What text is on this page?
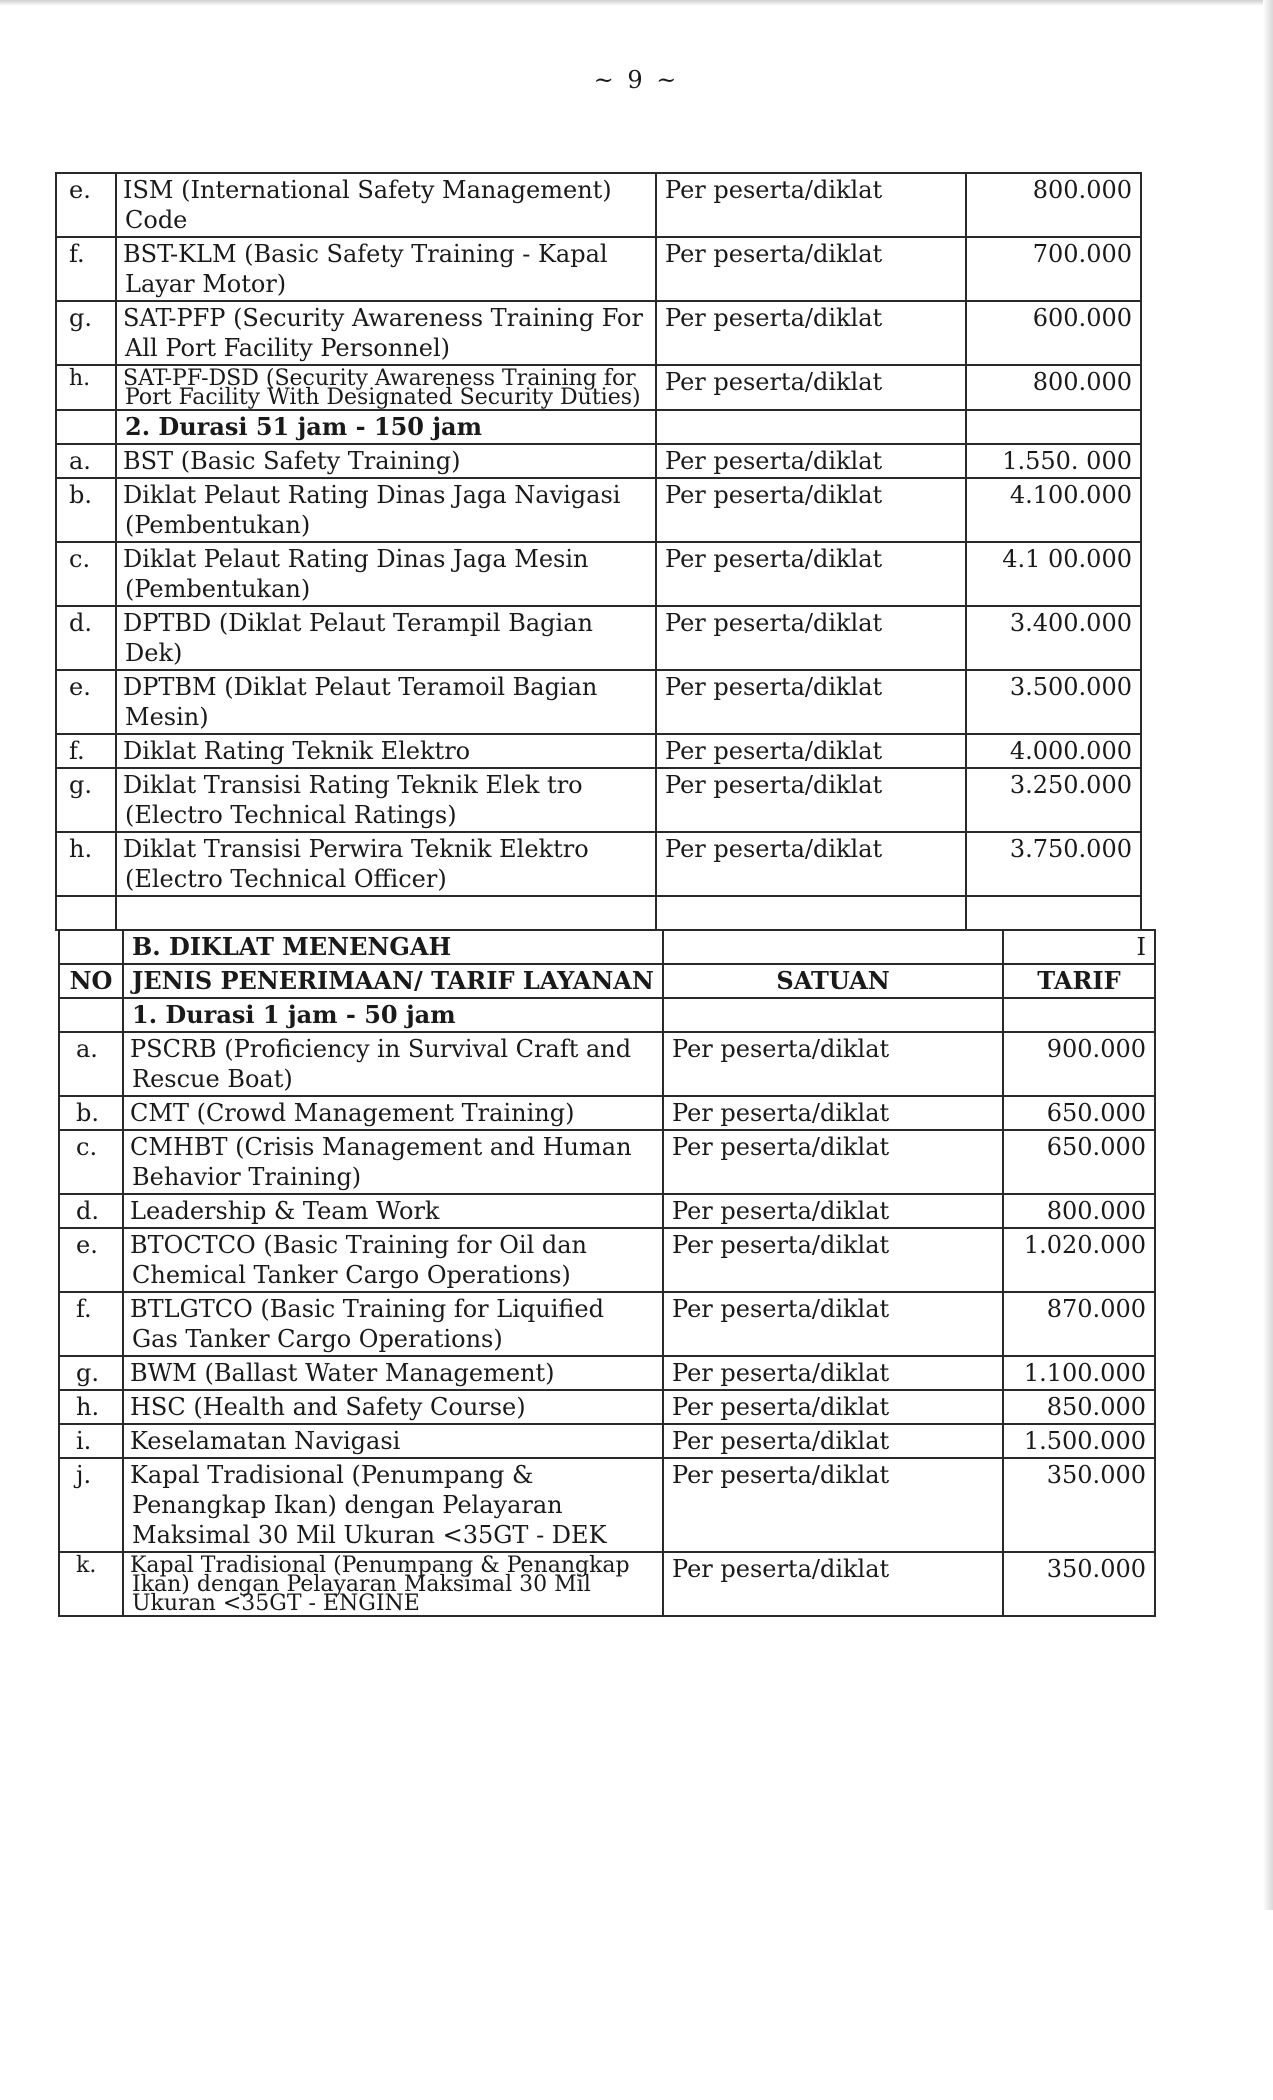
~ 9 ~
	e. ISM (International Safety Management) Code	Per peserta/diklat	800.000
	f. BST-KLM (Basic Safety Training - Kapal Layar Motor)	Per peserta/diklat	700.000
	g. SAT-PFP (Security Awareness Training For All Port Facility Personnel)	Per peserta/diklat	600.000
	h. SAT-PF-DSD (Security Awareness Training for Port Facility With Designated Security Duties)	Per peserta/diklat	800.000
	2. Durasi 51 jam - 150 jam		
	a. BST (Basic Safety Training)	Per peserta/diklat	1.550. 000
	b. Diklat Pelaut Rating Dinas Jaga Navigasi (Pembentukan)	Per peserta/diklat	4.100.000
	c. Diklat Pelaut Rating Dinas Jaga Mesin (Pembentukan)	Per peserta/diklat	4.1 00.000
	d. DPTBD (Diklat Pelaut Terampil Bagian Dek)	Per peserta/diklat	3.400.000
	e. DPTBM (Diklat Pelaut Teramoil Bagian Mesin)	Per peserta/diklat	3.500.000
	f. Diklat Rating Teknik Elektro	Per peserta/diklat	4.000.000
	g. Diklat Transisi Rating Teknik Elek tro (Electro Technical Ratings)	Per peserta/diklat	3.250.000
	h. Diklat Transisi Perwira Teknik Elektro (Electro Technical Officer)	Per peserta/diklat	3.750.000

	B. DIKLAT MENENGAH		I
NO	JENIS PENERIMAAN/ TARIF LAYANAN	SATUAN	TARIF
	1. Durasi 1 jam - 50 jam		
	a. PSCRB (Proficiency in Survival Craft and Rescue Boat)	Per peserta/diklat	900.000
	b. CMT (Crowd Management Training)	Per peserta/diklat	650.000
	c. CMHBT (Crisis Management and Human Behavior Training)	Per peserta/diklat	650.000
	d. Leadership & Team Work	Per peserta/diklat	800.000
	e. BTOCTCO (Basic Training for Oil dan Chemical Tanker Cargo Operations)	Per peserta/diklat	1.020.000
	f. BTLGTCO (Basic Training for Liquified Gas Tanker Cargo Operations)	Per peserta/diklat	870.000
	g. BWM (Ballast Water Management)	Per peserta/diklat	1.100.000
	h. HSC (Health and Safety Course)	Per peserta/diklat	850.000
	i. Keselamatan Navigasi	Per peserta/diklat	1.500.000
	j. Kapal Tradisional (Penumpang & Penangkap Ikan) dengan Pelayaran Maksimal 30 Mil Ukuran <35GT - DEK	Per peserta/diklat	350.000
	k. Kapal Tradisional (Penumpang & Penangkap Ikan) dengan Pelayaran Maksimal 30 Mil Ukuran <35GT - ENGINE	Per peserta/diklat	350.000
